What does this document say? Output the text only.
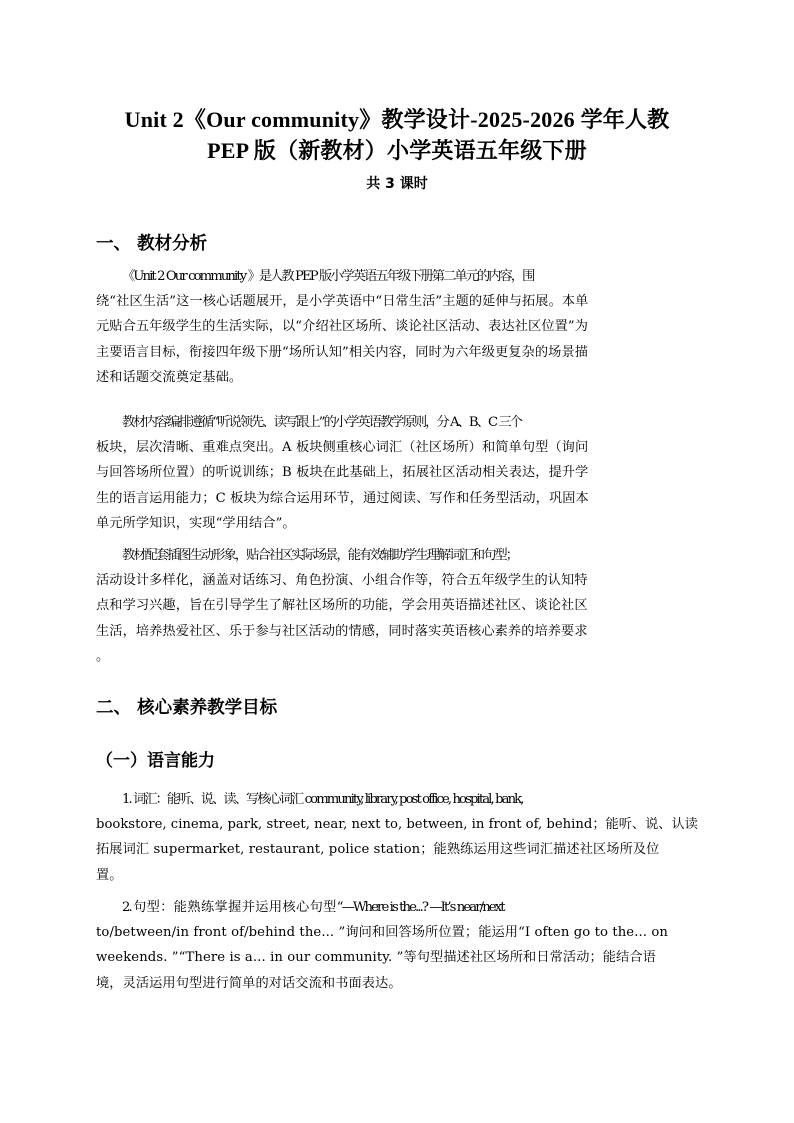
Unit 2《Our community》教学设计-2025-2026 学年人教
PEP 版（新教材）小学英语五年级下册
共 3 课时
一、 教材分析
《Unit 2 Our community 》是人教 PEP 版小学英语五年级下册第二单元的内容，围
绕“社区生活”这一核心话题展开，是小学英语中“日常生活”主题的延伸与拓展。本单
元贴合五年级学生的生活实际，以“介绍社区场所、谈论社区活动、表达社区位置”为
主要语言目标，衔接四年级下册“场所认知”相关内容，同时为六年级更复杂的场景描
述和话题交流奠定基础。
教材内容编排遵循“听说领先、读写跟上”的小学英语教学原则，分 A、B、C 三个
板块，层次清晰、重难点突出。A 板块侧重核心词汇（社区场所）和简单句型（询问
与回答场所位置）的听说训练；B 板块在此基础上，拓展社区活动相关表达，提升学
生的语言运用能力；C 板块为综合运用环节，通过阅读、写作和任务型活动，巩固本
单元所学知识，实现“学用结合”。
教材配套插图生动形象，贴合社区实际场景，能有效辅助学生理解词汇和句型；
活动设计多样化，涵盖对话练习、角色扮演、小组合作等，符合五年级学生的认知特
点和学习兴趣，旨在引导学生了解社区场所的功能，学会用英语描述社区、谈论社区
生活，培养热爱社区、乐于参与社区活动的情感，同时落实英语核心素养的培养要求
。
二、 核心素养教学目标
（一）语言能力
1. 词汇：能听、说、读、写核心词汇 community, library, post office, hospital, bank,
bookstore, cinema, park, street, near, next to, between, in front of, behind；能听、说、认读
拓展词汇 supermarket, restaurant, police station；能熟练运用这些词汇描述社区场所及位
置。
2. 句 型 ： 能 熟 练 掌 握 并 运 用 核 心 句 型 “—Where is the...? —It’s near/next
to/between/in front of/behind the... ”询问和回答场所位置；能运用“I often go to the... on
weekends. ”“There is a... in our community. ”等句型描述社区场所和日常活动；能结合语
境，灵活运用句型进行简单的对话交流和书面表达。
